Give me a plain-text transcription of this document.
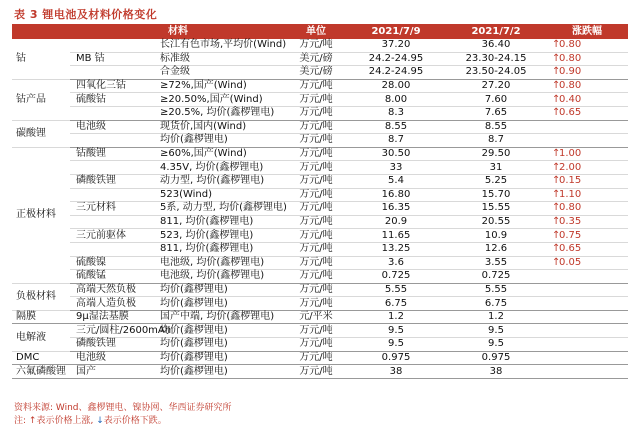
表 3 锂电池及材料价格变化
	材料		单位	2021/7/9	2021/7/2	涨跌幅
钴		长江有色市场,平均价(Wind)	万元/吨	37.20	36.40	↑0.80
	MB 钴	标准级	美元/磅	24.2-24.95	23.30-24.15	↑0.80
		合金级	美元/磅	24.2-24.95	23.50-24.05	↑0.90
钴产品	四氧化三钴	≥72%,国产(Wind)	万元/吨	28.00	27.20	↑0.80
	硫酸钴	≥20.50%,国产(Wind)	万元/吨	8.00	7.60	↑0.40
		≥20.5%, 均价(鑫椤锂电)	万元/吨	8.3	7.65	↑0.65
碳酸锂	电池级	现货价,国内(Wind)	万元/吨	8.55	8.55	
		均价(鑫椤锂电)	万元/吨	8.7	8.7	
正极材料	钴酸锂	≥60%,国产(Wind)	万元/吨	30.50	29.50	↑1.00
		4.35V, 均价(鑫椤锂电)	万元/吨	33	31	↑2.00
	磷酸铁锂	动力型, 均价(鑫椤锂电)	万元/吨	5.4	5.25	↑0.15
		523(Wind)	万元/吨	16.80	15.70	↑1.10
	三元材料	5系, 动力型, 均价(鑫椤锂电)	万元/吨	16.35	15.55	↑0.80
		811, 均价(鑫椤锂电)	万元/吨	20.9	20.55	↑0.35
	三元前驱体	523, 均价(鑫椤锂电)	万元/吨	11.65	10.9	↑0.75
		811, 均价(鑫椤锂电)	万元/吨	13.25	12.6	↑0.65
	硫酸镍	电池级, 均价(鑫椤锂电)	万元/吨	3.6	3.55	↑0.05
	硫酸锰	电池级, 均价(鑫椤锂电)	万元/吨	0.725	0.725	
负极材料	高端天然负极	均价(鑫椤锂电)	万元/吨	5.55	5.55	
	高端人造负极	均价(鑫椤锂电)	万元/吨	6.75	6.75	
隔膜	9μ湿法基膜	国产中端, 均价(鑫椤锂电)	元/平米	1.2	1.2	
电解液	三元/圆柱/2600mAh	均价(鑫椤锂电)	万元/吨	9.5	9.5	
	磷酸铁锂	均价(鑫椤锂电)	万元/吨	9.5	9.5	
DMC	电池级	均价(鑫椤锂电)	万元/吨	0.975	0.975	
六氟磷酸锂	国产	均价(鑫椤锂电)	万元/吨	38	38	
资料来源: Wind、鑫椤锂电、镍协网、华西证券研究所
注: ↑表示价格上涨, ↓表示价格下跌。
